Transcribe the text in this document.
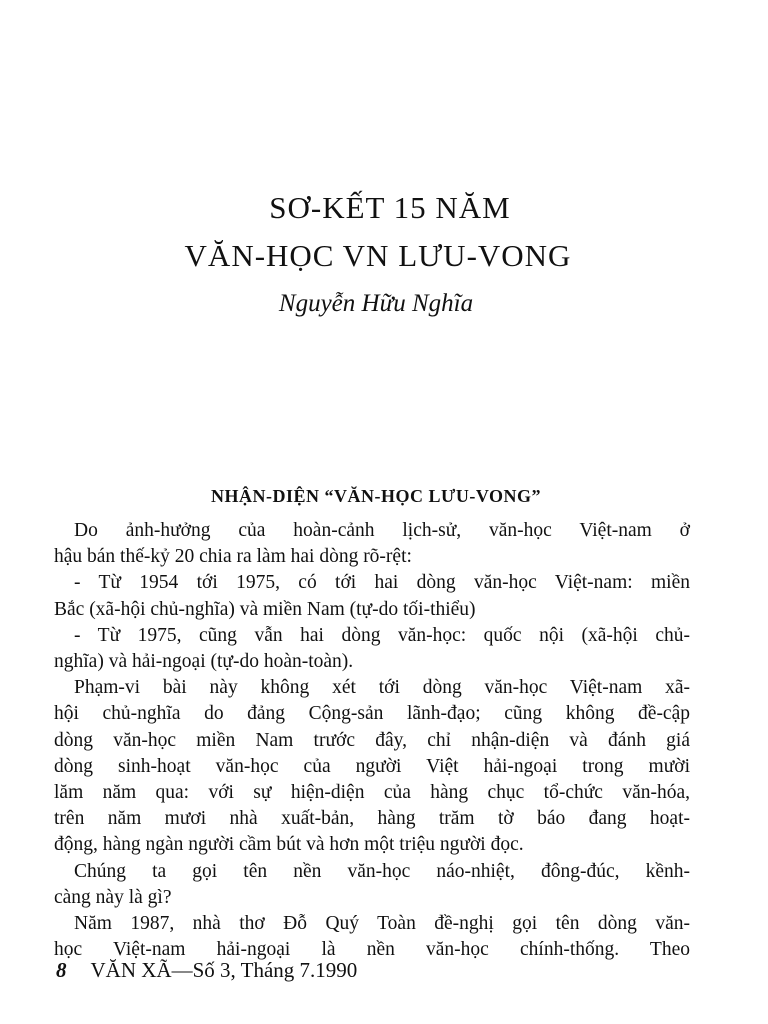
SƠ-KẾT 15 NĂM
VĂN-HỌC VN LƯU-VONG

Nguyễn Hữu Nghĩa

NHẬN-DIỆN “VĂN-HỌC LƯU-VONG”
Do ảnh-hưởng của hoàn-cảnh lịch-sử, văn-học Việt-nam ở
hậu bán thế-kỷ 20 chia ra làm hai dòng rõ-rệt:
- Từ 1954 tới 1975, có tới hai dòng văn-học Việt-nam: miền
Bắc (xã-hội chủ-nghĩa) và miền Nam (tự-do tối-thiểu)
- Từ 1975, cũng vẫn hai dòng văn-học: quốc nội (xã-hội chủ-
nghĩa) và hải-ngoại (tự-do hoàn-toàn).
Phạm-vi bài này không xét tới dòng văn-học Việt-nam xã-
hội chủ-nghĩa do đảng Cộng-sản lãnh-đạo; cũng không đề-cập
dòng văn-học miền Nam trước đây, chỉ nhận-diện và đánh giá
dòng sinh-hoạt văn-học của người Việt hải-ngoại trong mười
lăm năm qua: với sự hiện-diện của hàng chục tổ-chức văn-hóa,
trên năm mươi nhà xuất-bản, hàng trăm tờ báo đang hoạt-
động, hàng ngàn người cầm bút và hơn một triệu người đọc.
Chúng ta gọi tên nền văn-học náo-nhiệt, đông-đúc, kềnh-
càng này là gì?
Năm 1987, nhà thơ Đỗ Quý Toàn đề-nghị gọi tên dòng văn-
học Việt-nam hải-ngoại là nền văn-học chính-thống. Theo

8 VĂN XÃ—Số 3, Tháng 7.1990
